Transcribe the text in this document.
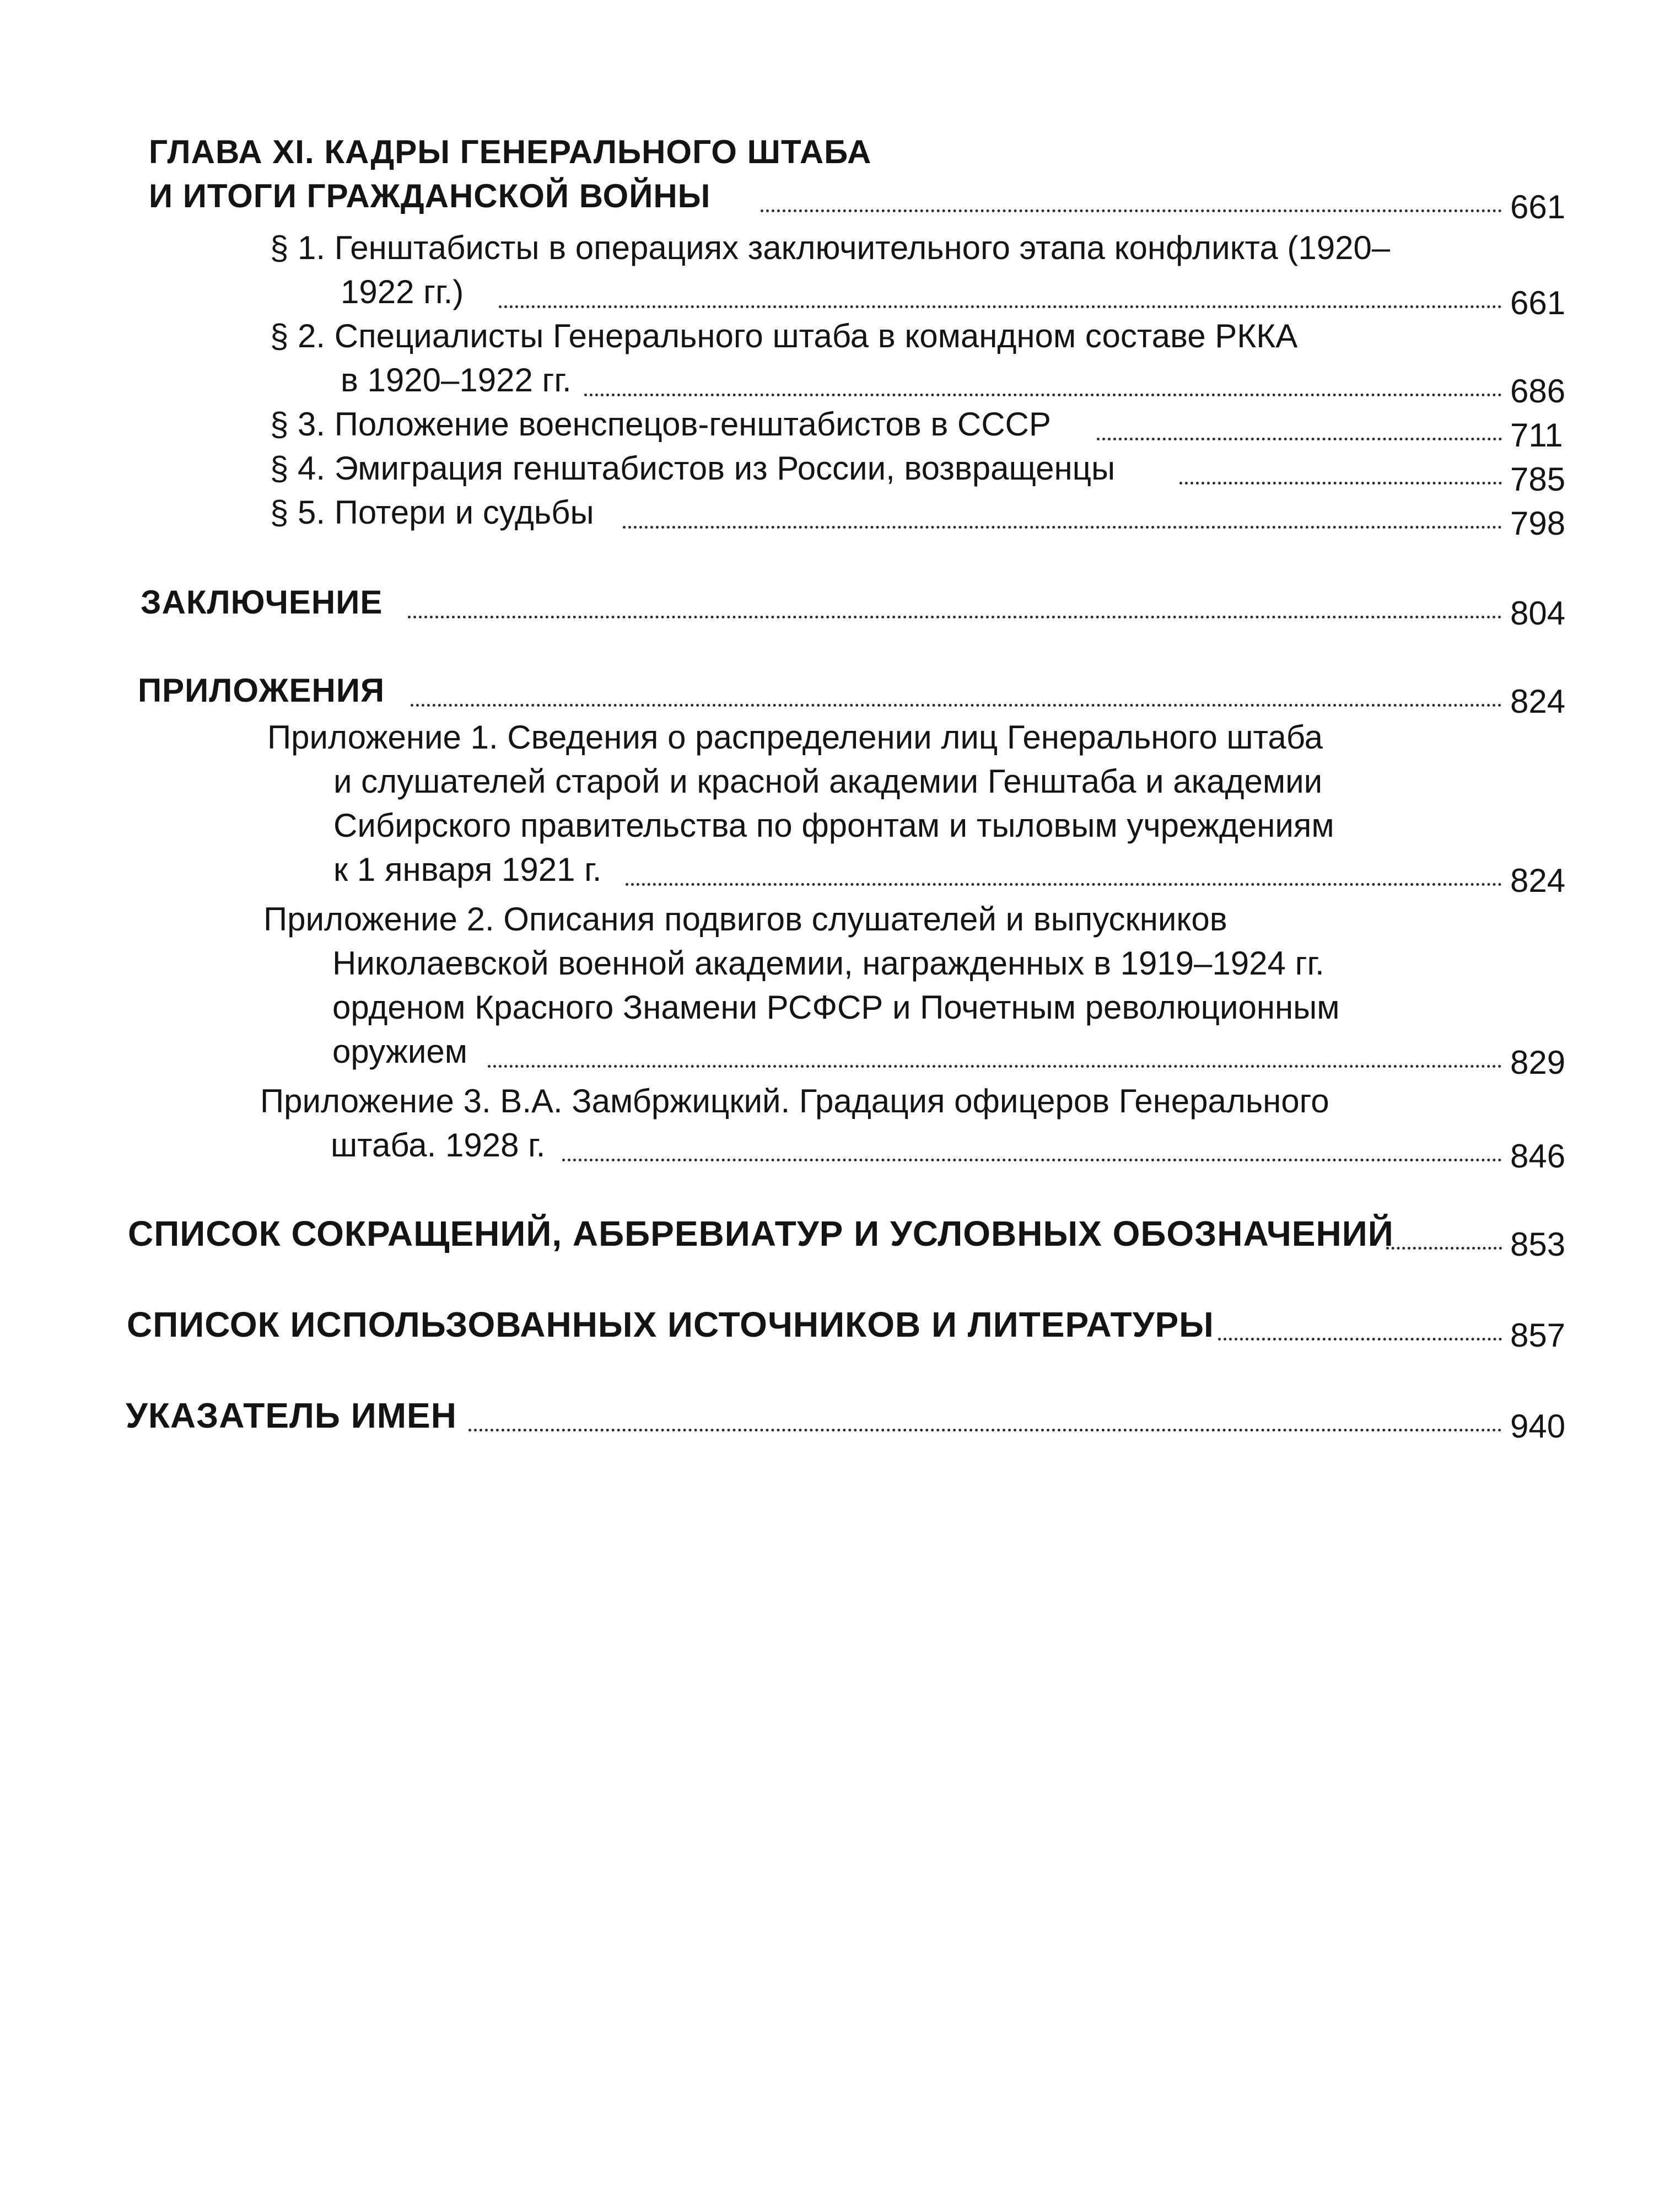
ГЛАВА XI. КАДРЫ ГЕНЕРАЛЬНОГО ШТАБА
И ИТОГИ ГРАЖДАНСКОЙ ВОЙНЫ	661
§ 1. Генштабисты в операциях заключительного этапа конфликта (1920–
1922 гг.)	661
§ 2. Специалисты Генерального штаба в командном составе РККА
в 1920–1922 гг.	686
§ 3. Положение военспецов-генштабистов в СССР	711
§ 4. Эмиграция генштабистов из России, возвращенцы	785
§ 5. Потери и судьбы	798
ЗАКЛЮЧЕНИЕ	804
ПРИЛОЖЕНИЯ	824
Приложение 1. Сведения о распределении лиц Генерального штаба
и слушателей старой и красной академии Генштаба и академии
Сибирского правительства по фронтам и тыловым учреждениям
к 1 января 1921 г.	824
Приложение 2. Описания подвигов слушателей и выпускников
Николаевской военной академии, награжденных в 1919–1924 гг.
орденом Красного Знамени РСФСР и Почетным революционным
оружием	829
Приложение 3. В.А. Замбржицкий. Градация офицеров Генерального
штаба. 1928 г.	846
СПИСОК СОКРАЩЕНИЙ, АББРЕВИАТУР И УСЛОВНЫХ ОБОЗНАЧЕНИЙ	853
СПИСОК ИСПОЛЬЗОВАННЫХ ИСТОЧНИКОВ И ЛИТЕРАТУРЫ	857
УКАЗАТЕЛЬ ИМЕН	940
